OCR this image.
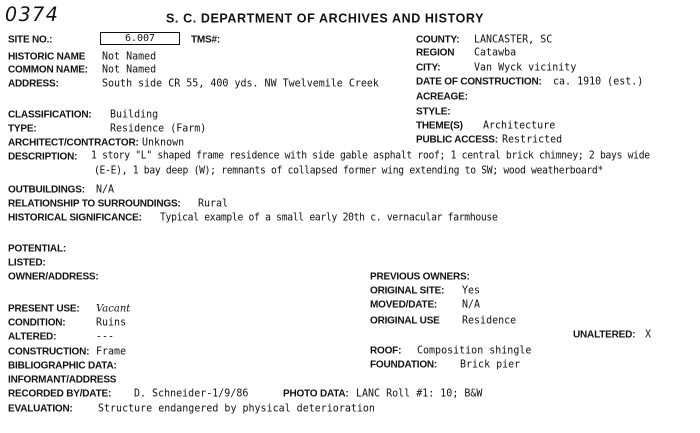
0374	S. C. DEPARTMENT OF ARCHIVES AND HISTORY
SITE NO.:	6.007	TMS#:	COUNTY: LANCASTER, SC
REGION Catawba
HISTORIC NAME Not Named
COMMON NAME: Not Named	CITY:	Van Wyck vicinity
ADDRESS:	South side CR 55, 400 yds. NW Twelvemile Creek	DATE OF CONSTRUCTION: ca. 1910 (est.)
ACREAGE:
CLASSIFICATION: Building	STYLE:
TYPE:	Residence (Farm)	THEME(S) Architecture
ARCHITECT/CONTRACTOR: Unknown	PUBLIC ACCESS: Restricted
DESCRIPTION: 1 story "L" shaped frame residence with side gable asphalt roof; 1 central brick chimney; 2 bays wide
(E-E), 1 bay deep (W); remnants of collapsed former wing extending to SW; wood weatherboard*
OUTBUILDINGS: N/A
RELATIONSHIP TO SURROUNDINGS: Rural
HISTORICAL SIGNIFICANCE: Typical example of a small early 20th c. vernacular farmhouse
POTENTIAL:
LISTED:
OWNER/ADDRESS:	PREVIOUS OWNERS:
ORIGINAL SITE: Yes
PRESENT USE: Vacant	MOVED/DATE: N/A
CONDITION:	Ruins	ORIGINAL USE Residence
ALTERED:	---	UNALTERED: X
CONSTRUCTION: Frame	ROOF: Composition shingle
BIBLIOGRAPHIC DATA:	FOUNDATION: Brick pier
INFORMANT/ADDRESS
RECORDED BY/DATE: D. Schneider-1/9/86	PHOTO DATA: LANC Roll #1: 10; B&W
EVALUATION:	Structure endangered by physical deterioration
